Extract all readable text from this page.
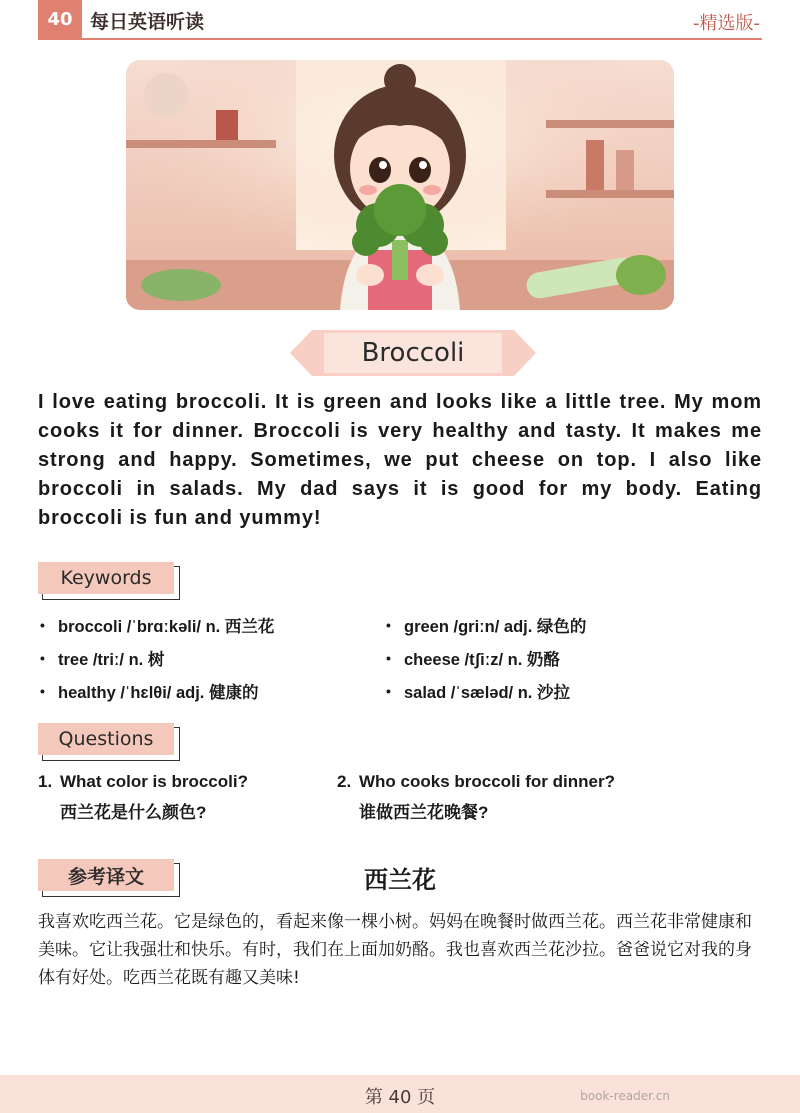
40 每日英语听读	-精选版-
Broccoli
I love eating broccoli. It is green and looks like a little tree. My mom cooks it for dinner. Broccoli is very healthy and tasty. It makes me strong and happy. Sometimes, we put cheese on top. I also like broccoli in salads. My dad says it is good for my body. Eating broccoli is fun and yummy!
Keywords
• broccoli /ˈbrɑːkəli/ n. 西兰花
• tree /triː/ n. 树
• healthy /ˈhɛlθi/ adj. 健康的
• green /ɡriːn/ adj. 绿色的
• cheese /tʃiːz/ n. 奶酪
• salad /ˈsæləd/ n. 沙拉
Questions
1. What color is broccoli?
西兰花是什么颜色?
2. Who cooks broccoli for dinner?
谁做西兰花晚餐?
参考译文	西兰花
我喜欢吃西兰花。它是绿色的，看起来像一棵小树。妈妈在晚餐时做西兰花。西兰花非常健康和美味。它让我强壮和快乐。有时，我们在上面加奶酪。我也喜欢西兰花沙拉。爸爸说它对我的身体有好处。吃西兰花既有趣又美味!
第 40 页	book-reader.cn
